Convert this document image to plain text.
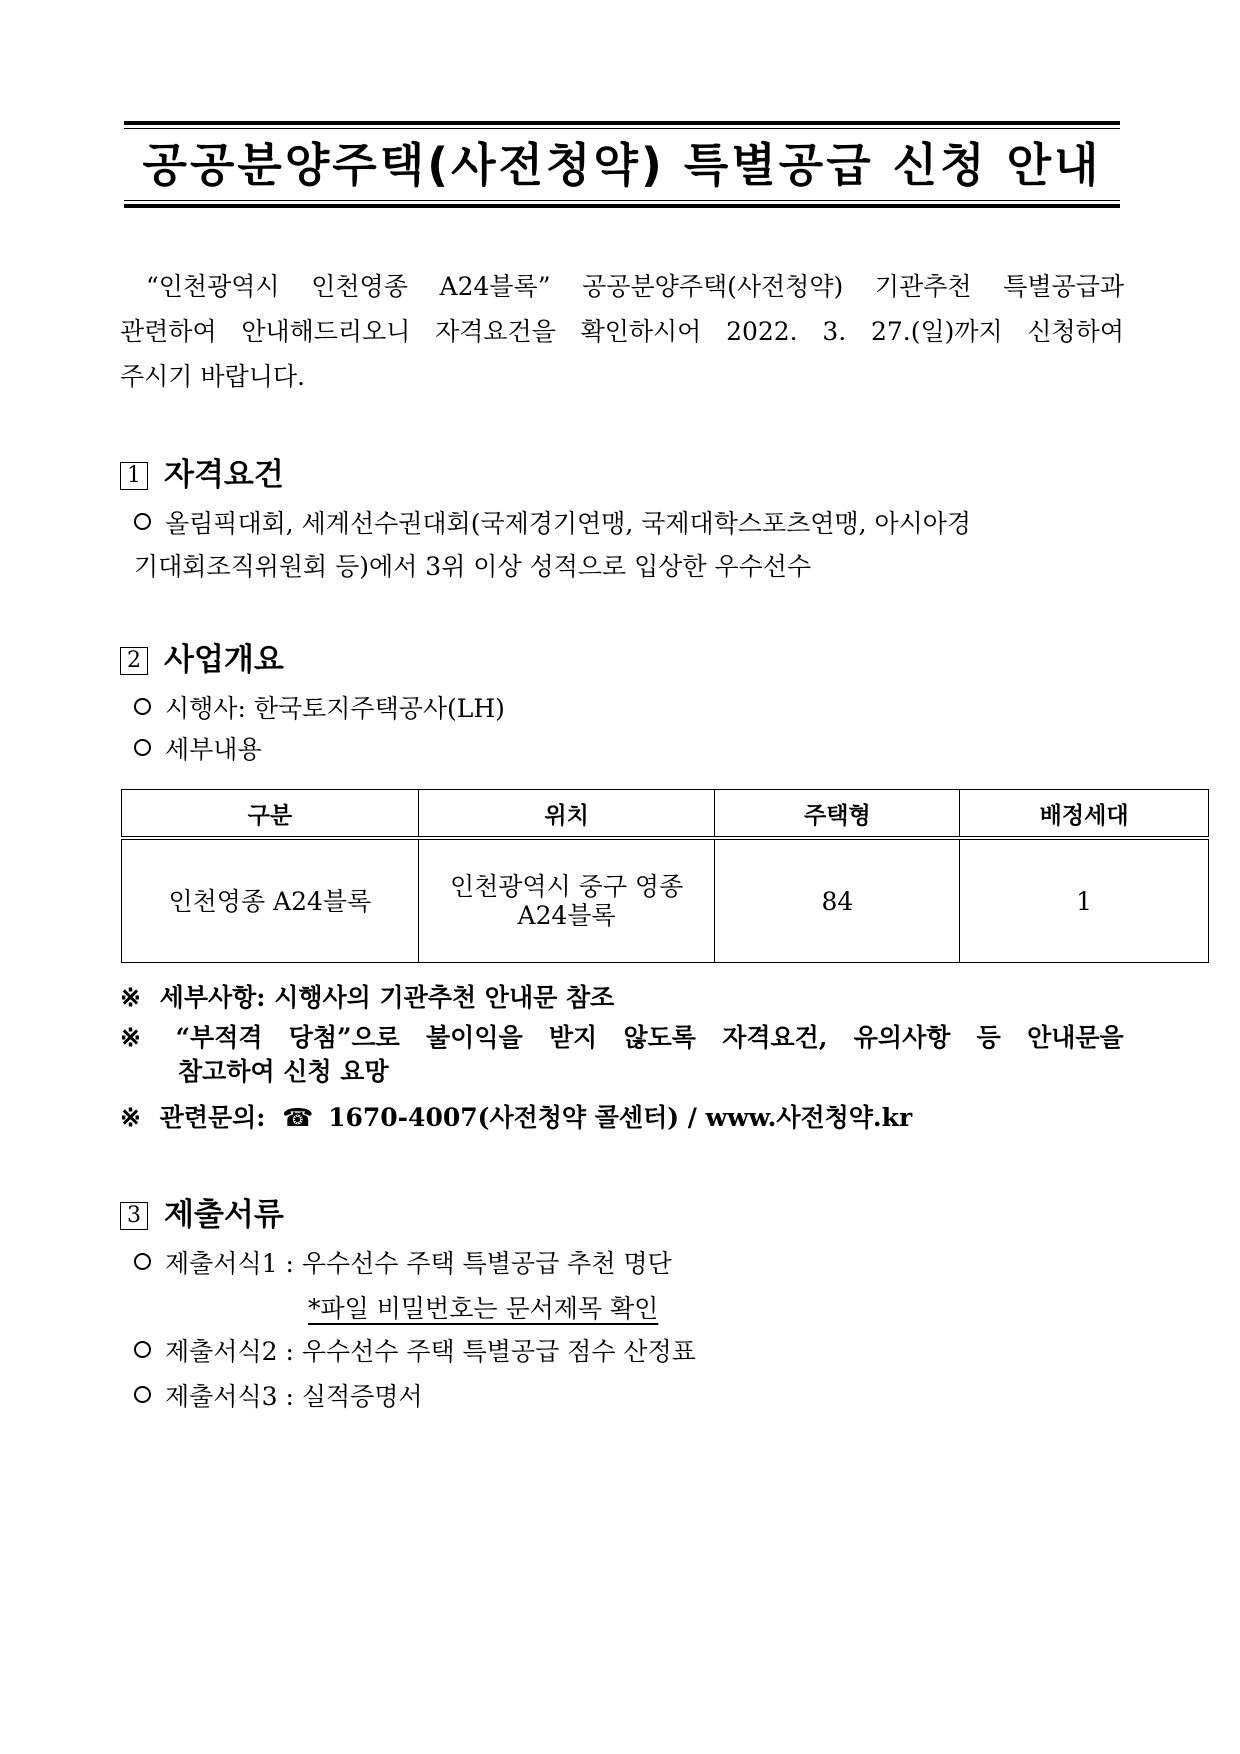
공공분양주택(사전청약) 특별공급 신청 안내
“인천광역시 인천영종 A24블록” 공공분양주택(사전청약) 기관추천 특별공급과
관련하여 안내해드리오니 자격요건을 확인하시어 2022. 3. 27.(일)까지 신청하여
주시기 바랍니다.
1 자격요건
올림픽대회, 세계선수권대회(국제경기연맹, 국제대학스포츠연맹, 아시아경
기대회조직위원회 등)에서 3위 이상 성적으로 입상한 우수선수
2 사업개요
시행사: 한국토지주택공사(LH)
세부내용
구분	위치	주택형	배정세대
인천영종 A24블록	인천광역시 중구 영종
A24블록	84	1
※ 세부사항: 시행사의 기관추천 안내문 참조
※ “부적격 당첨”으로 불이익을 받지 않도록 자격요건, 유의사항 등 안내문을
참고하여 신청 요망
※ 관련문의: ☎ 1670-4007(사전청약 콜센터) / www.사전청약.kr
3 제출서류
제출서식1 : 우수선수 주택 특별공급 추천 명단
*파일 비밀번호는 문서제목 확인
제출서식2 : 우수선수 주택 특별공급 점수 산정표
제출서식3 : 실적증명서
